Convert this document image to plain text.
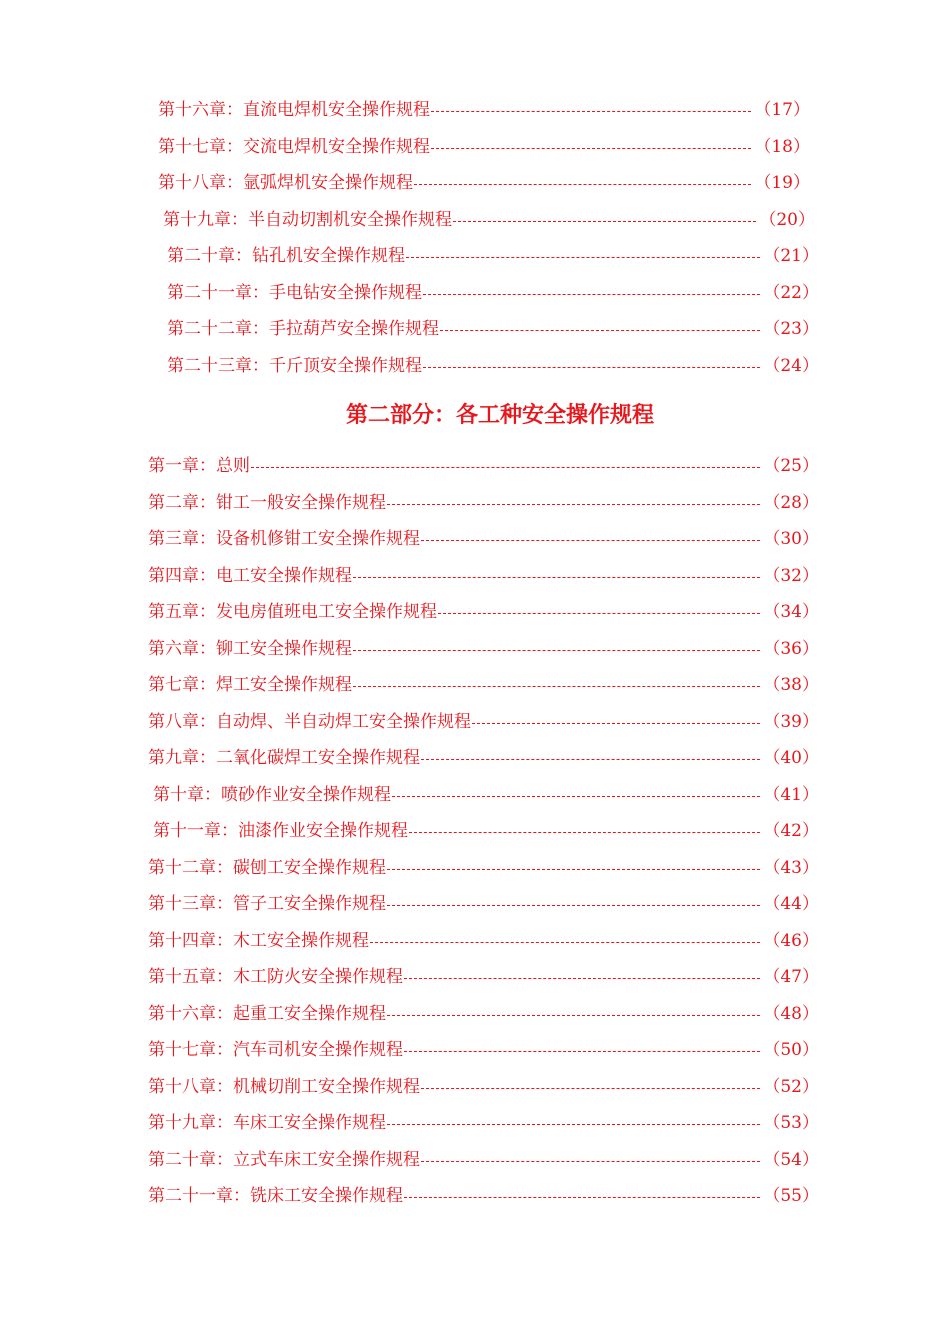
第十六章：直流电焊机安全操作规程	（17）
第十七章：交流电焊机安全操作规程	（18）
第十八章：氩弧焊机安全操作规程	（19）
第十九章：半自动切割机安全操作规程	（20）
第二十章：钻孔机安全操作规程	（21）
第二十一章：手电钻安全操作规程	（22）
第二十二章：手拉葫芦安全操作规程	（23）
第二十三章：千斤顶安全操作规程	（24）
第二部分：各工种安全操作规程
第一章：总则	（25）
第二章：钳工一般安全操作规程	（28）
第三章：设备机修钳工安全操作规程	（30）
第四章：电工安全操作规程	（32）
第五章：发电房值班电工安全操作规程	（34）
第六章：铆工安全操作规程	（36）
第七章：焊工安全操作规程	（38）
第八章：自动焊、半自动焊工安全操作规程	（39）
第九章：二氧化碳焊工安全操作规程	（40）
第十章：喷砂作业安全操作规程	（41）
第十一章：油漆作业安全操作规程	（42）
第十二章：碳刨工安全操作规程	（43）
第十三章：管子工安全操作规程	（44）
第十四章：木工安全操作规程	（46）
第十五章：木工防火安全操作规程	（47）
第十六章：起重工安全操作规程	（48）
第十七章：汽车司机安全操作规程	（50）
第十八章：机械切削工安全操作规程	（52）
第十九章：车床工安全操作规程	（53）
第二十章：立式车床工安全操作规程	（54）
第二十一章：铣床工安全操作规程	（55）
